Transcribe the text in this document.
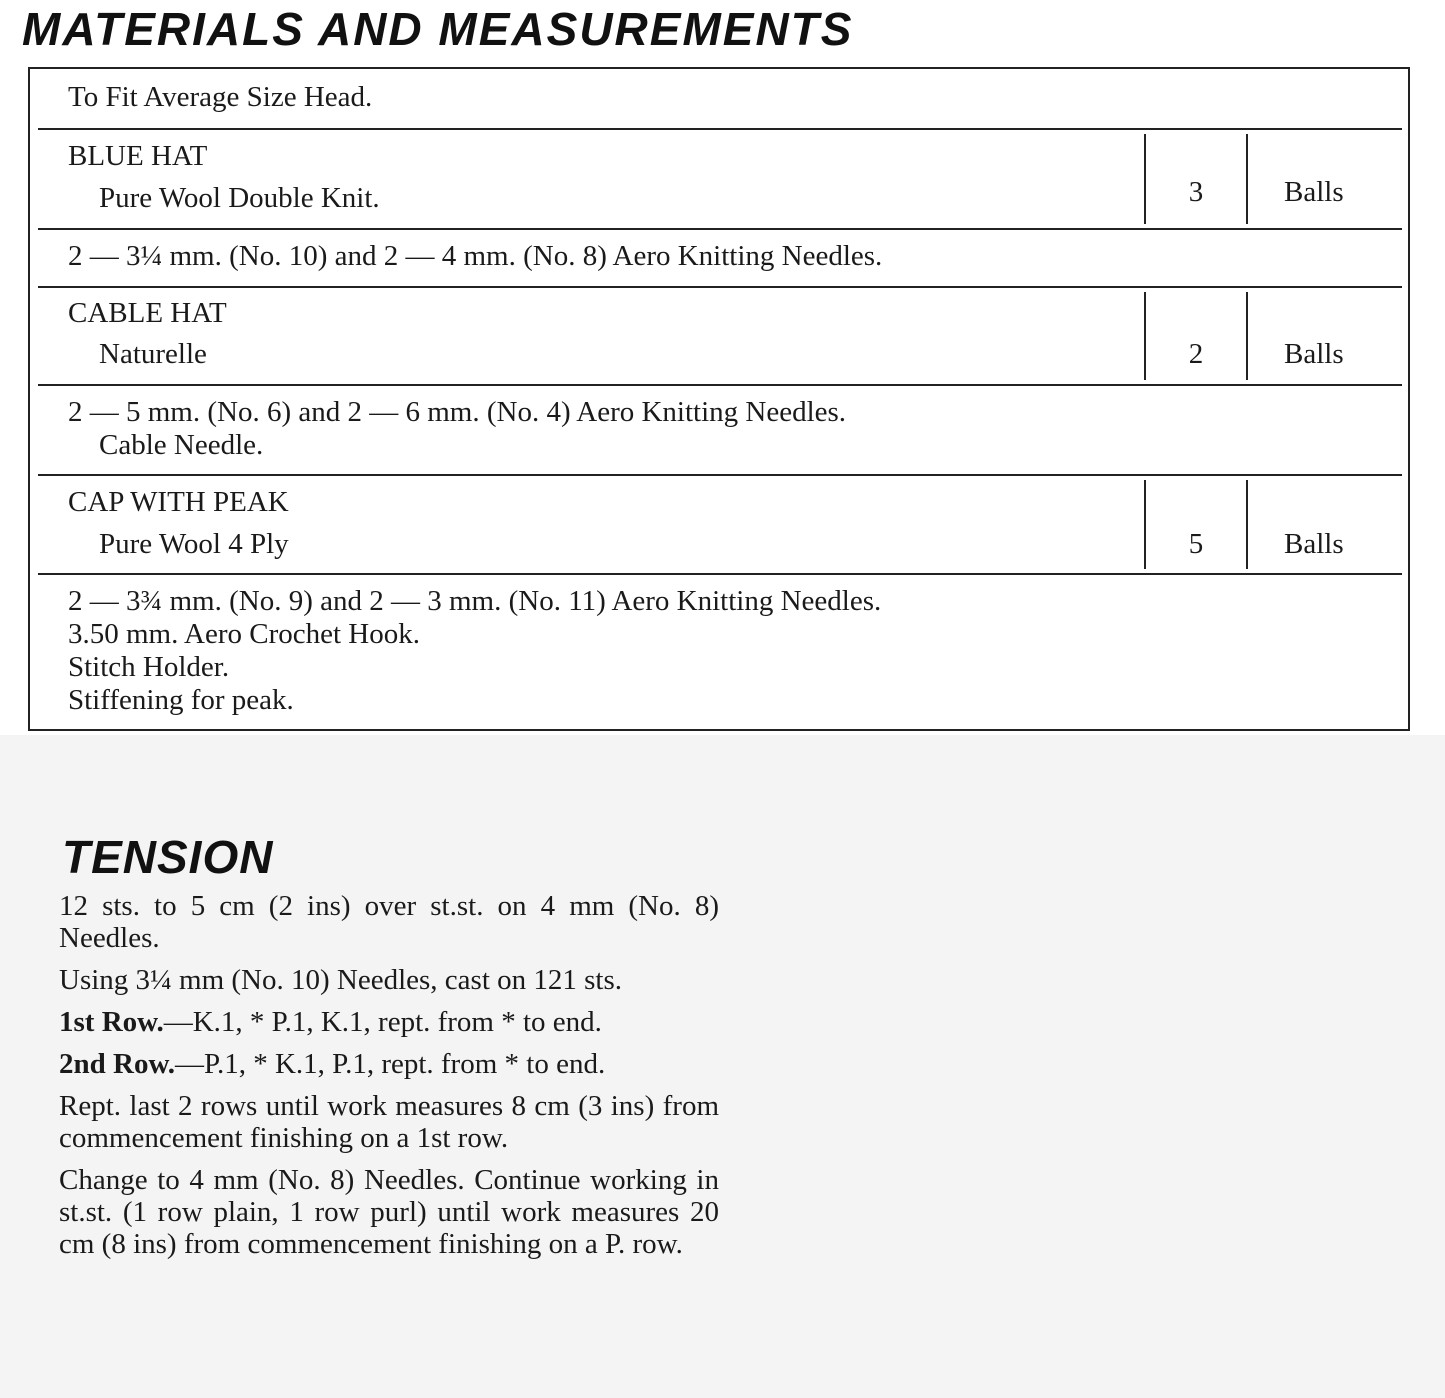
MATERIALS AND MEASUREMENTS
To Fit Average Size Head.
BLUE HAT
Pure Wool Double Knit.	3	Balls
2 — 3¼ mm. (No. 10) and 2 — 4 mm. (No. 8) Aero Knitting Needles.
CABLE HAT
Naturelle	2	Balls
2 — 5 mm. (No. 6) and 2 — 6 mm. (No. 4) Aero Knitting Needles.
Cable Needle.
CAP WITH PEAK
Pure Wool 4 Ply	5	Balls
2 — 3¾ mm. (No. 9) and 2 — 3 mm. (No. 11) Aero Knitting Needles.
3.50 mm. Aero Crochet Hook.
Stitch Holder.
Stiffening for peak.
TENSION

12 sts. to 5 cm (2 ins) over st.st. on 4 mm (No. 8) Needles.

Using 3¼ mm (No. 10) Needles, cast on 121 sts.

1st Row.—K.1, * P.1, K.1, rept. from * to end.

2nd Row.—P.1, * K.1, P.1, rept. from * to end.

Rept. last 2 rows until work measures 8 cm (3 ins) from commencement finishing on a 1st row.

Change to 4 mm (No. 8) Needles. Continue working in st.st. (1 row plain, 1 row purl) until work measures 20 cm (8 ins) from commencement finishing on a P. row.
